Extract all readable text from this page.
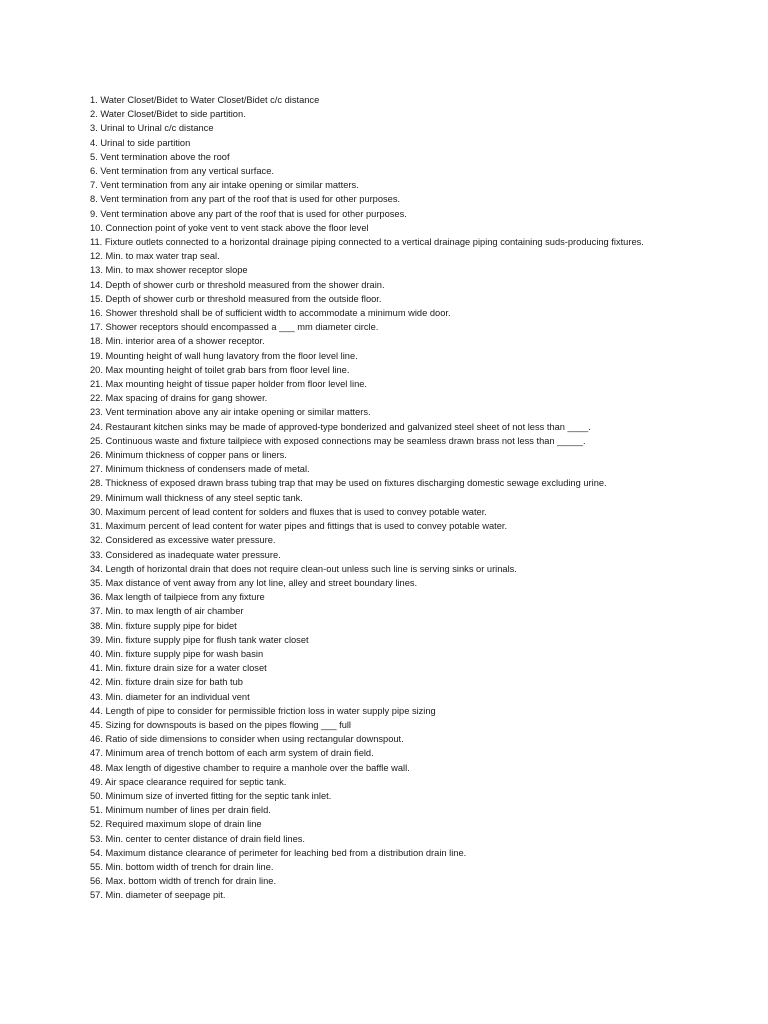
1. Water Closet/Bidet to Water Closet/Bidet c/c distance
2. Water Closet/Bidet to side partition.
3. Urinal to Urinal c/c distance
4. Urinal to side partition
5. Vent termination above the roof
6. Vent termination from any vertical surface.
7. Vent termination from any air intake opening or similar matters.
8. Vent termination from any part of the roof that is used for other purposes.
9. Vent termination above any part of the roof that is used for other purposes.
10. Connection point of yoke vent to vent stack above the floor level
11. Fixture outlets connected to a horizontal drainage piping connected to a vertical drainage piping containing suds-producing fixtures.
12. Min. to max water trap seal.
13. Min. to max shower receptor slope
14. Depth of shower curb or threshold measured from the shower drain.
15. Depth of shower curb or threshold measured from the outside floor.
16. Shower threshold shall be of sufficient width to accommodate a minimum wide door.
17. Shower receptors should encompassed a ___ mm diameter circle.
18. Min. interior area of a shower receptor.
19. Mounting height of wall hung lavatory from the floor level line.
20. Max mounting height of toilet grab bars from floor level line.
21. Max mounting height of tissue paper holder from floor level line.
22. Max spacing of drains for gang shower.
23. Vent termination above any air intake opening or similar matters.
24. Restaurant kitchen sinks may be made of approved-type bonderized and galvanized steel sheet of not less than ____.
25. Continuous waste and fixture tailpiece with exposed connections may be seamless drawn brass not less than _____.
26. Minimum thickness of copper pans or liners.
27. Minimum thickness of condensers made of metal.
28. Thickness of exposed drawn brass tubing trap that may be used on fixtures discharging domestic sewage excluding urine.
29. Minimum wall thickness of any steel septic tank.
30. Maximum percent of lead content for solders and fluxes that is used to convey potable water.
31. Maximum percent of lead content for water pipes and fittings that is used to convey potable water.
32. Considered as excessive water pressure.
33. Considered as inadequate water pressure.
34. Length of horizontal drain that does not require clean-out unless such line is serving sinks or urinals.
35. Max distance of vent away from any lot line, alley and street boundary lines.
36. Max length of tailpiece from any fixture
37. Min. to max length of air chamber
38. Min. fixture supply pipe for bidet
39. Min. fixture supply pipe for flush tank water closet
40. Min. fixture supply pipe for wash basin
41. Min. fixture drain size for a water closet
42. Min. fixture drain size for bath tub
43. Min. diameter for an individual vent
44. Length of pipe to consider for permissible friction loss in water supply pipe sizing
45. Sizing for downspouts is based on the pipes flowing ___ full
46. Ratio of side dimensions to consider when using rectangular downspout.
47. Minimum area of trench bottom of each arm system of drain field.
48. Max length of digestive chamber to require a manhole over the baffle wall.
49. Air space clearance required for septic tank.
50. Minimum size of inverted fitting for the septic tank inlet.
51. Minimum number of lines per drain field.
52. Required maximum slope of drain line
53. Min. center to center distance of drain field lines.
54. Maximum distance clearance of perimeter for leaching bed from a distribution drain line.
55. Min. bottom width of trench for drain line.
56. Max. bottom width of trench for drain line.
57. Min. diameter of seepage pit.
